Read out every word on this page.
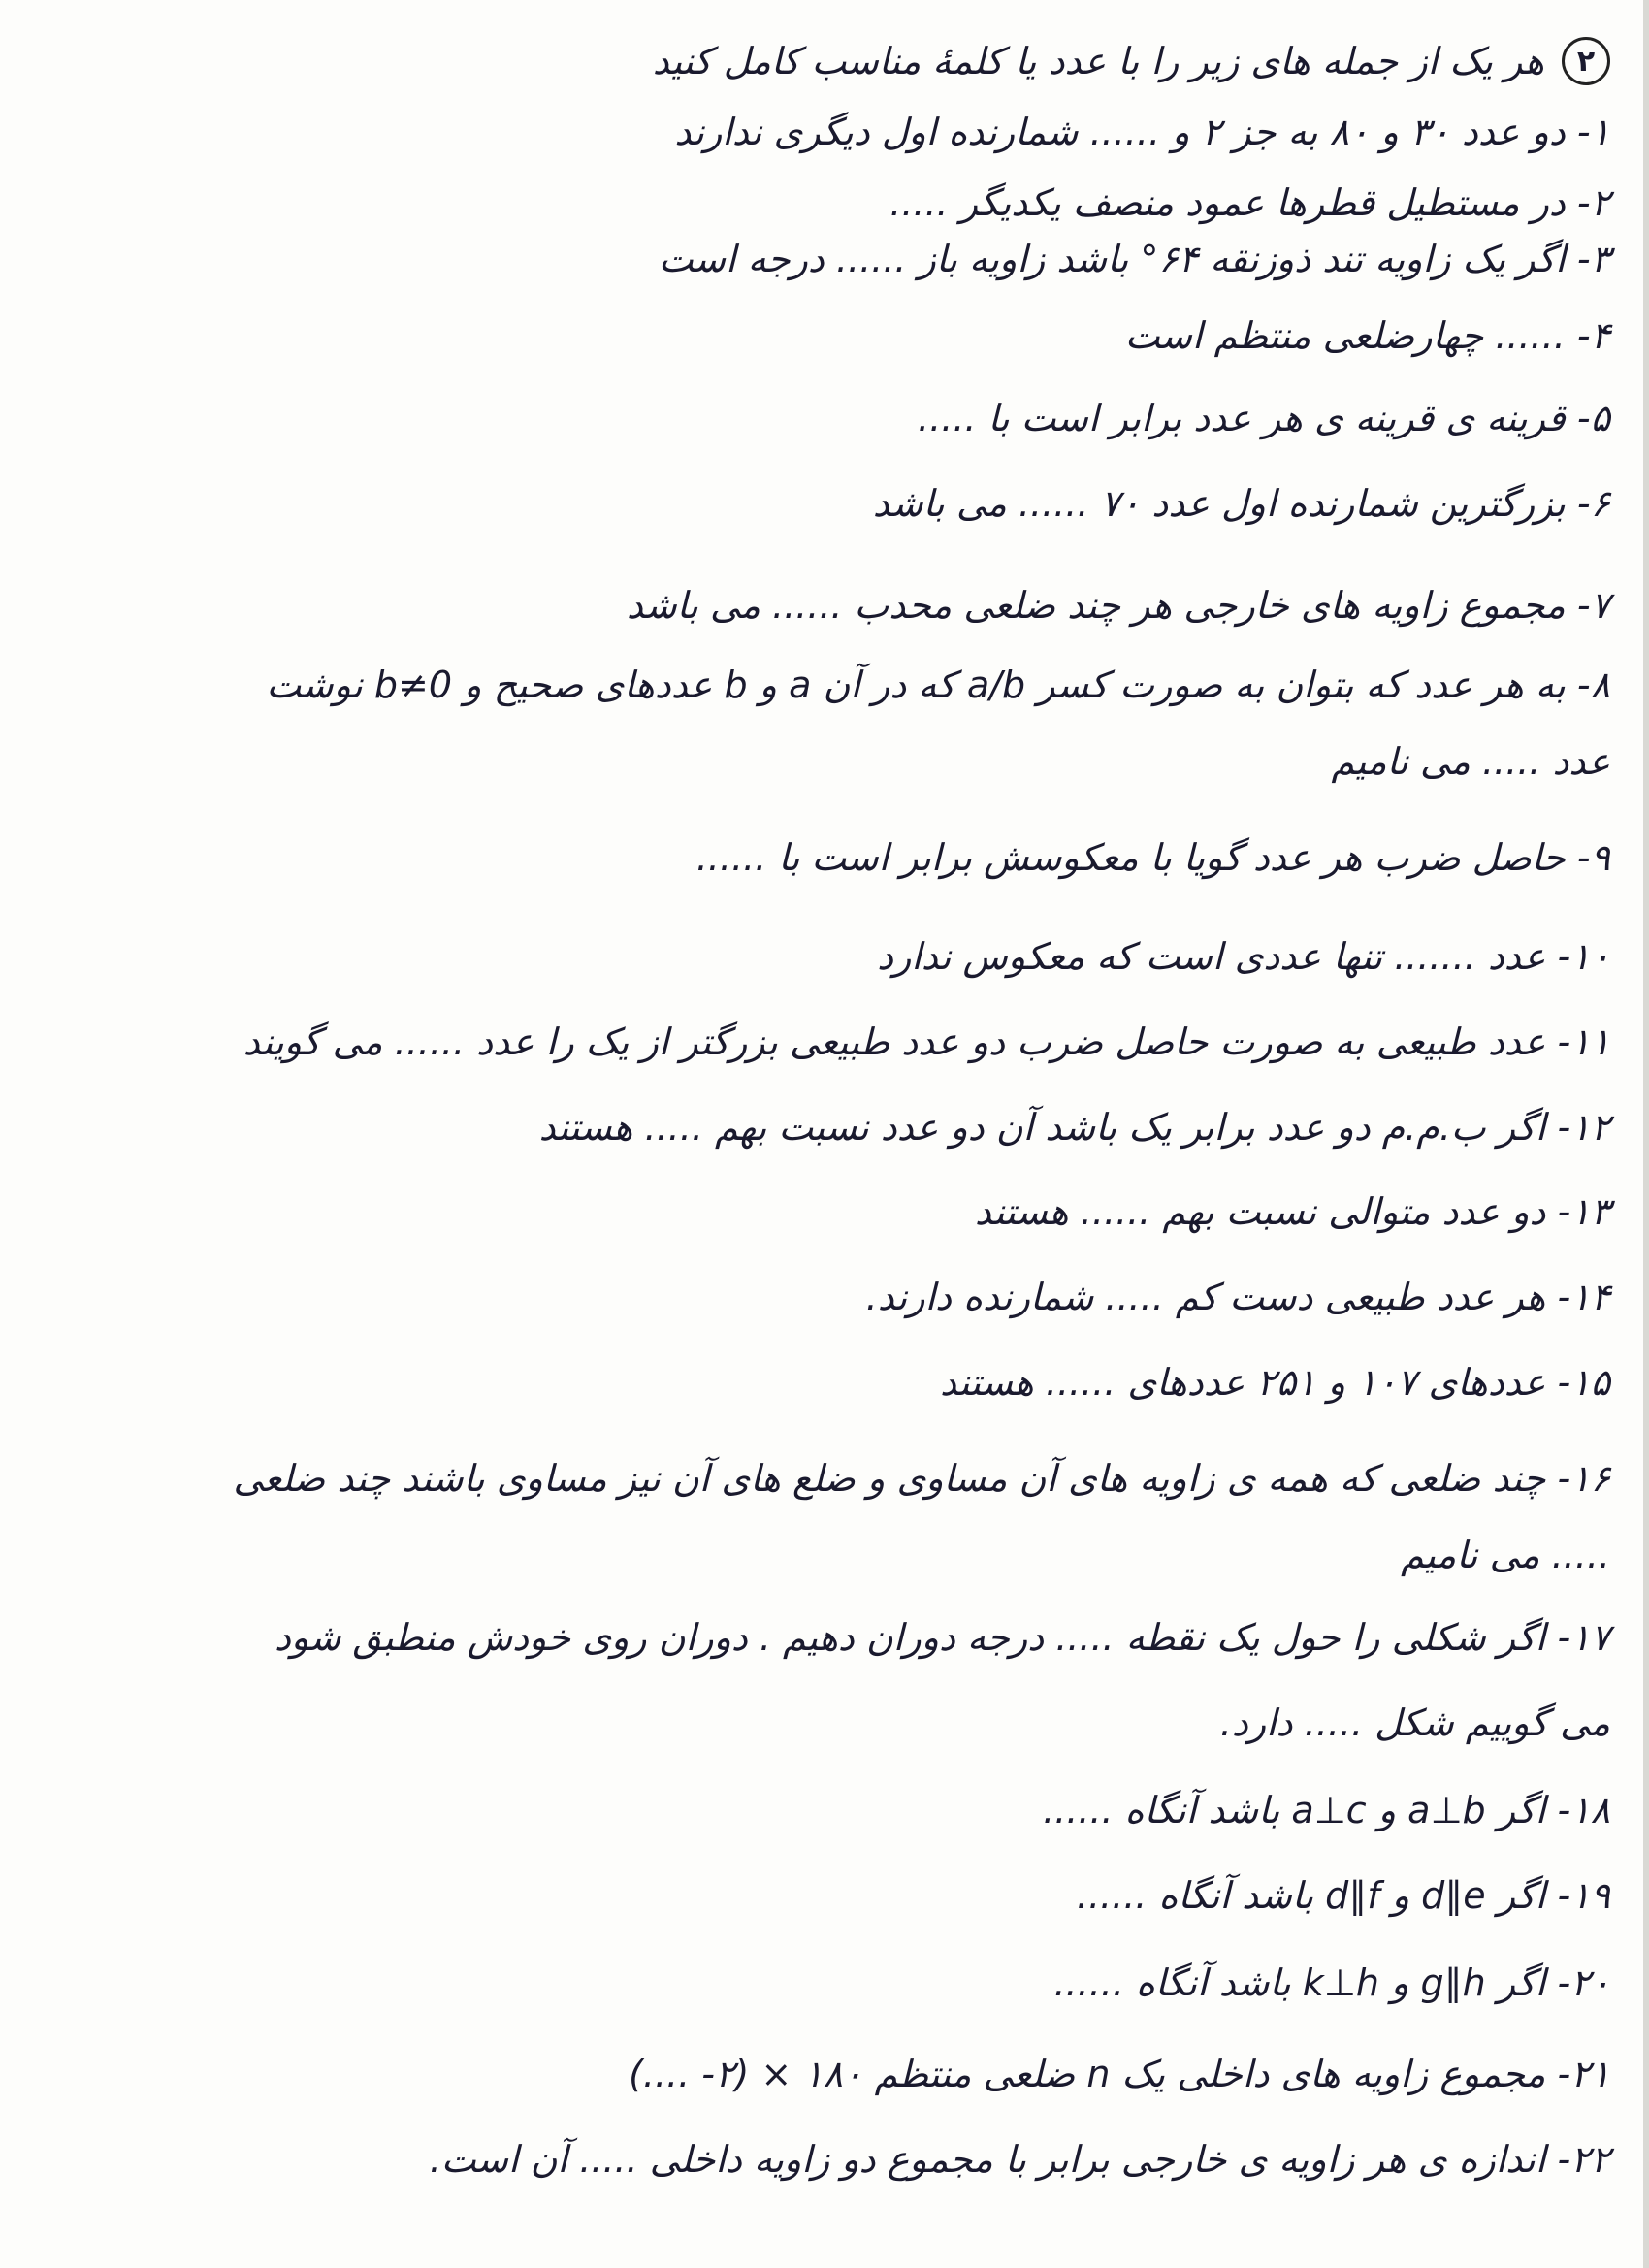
۲
هر یک از جمله های زیر را با عدد یا کلمهٔ مناسب کامل کنید
۱- دو عدد ۳۰ و ۸۰ به جز ۲ و ...... شمارنده اول دیگری ندارند
۲- در مستطیل قطرها عمود منصف یکدیگر .....
۳- اگر یک زاویه تند ذوزنقه ۶۴° باشد زاویه باز ...... درجه است
۴- ...... چهارضلعی منتظم است
۵- قرینه ی قرینه ی هر عدد برابر است با .....
۶- بزرگترین شمارنده اول عدد ۷۰ ...... می باشد
۷- مجموع زاویه های خارجی هر چند ضلعی محدب ...... می باشد
۸- به هر عدد که بتوان به صورت کسر a/b که در آن a و b عددهای صحیح و b≠0 نوشت
عدد ..... می نامیم
۹- حاصل ضرب هر عدد گویا با معکوسش برابر است با ......
۱۰- عدد ....... تنها عددی است که معکوس ندارد
۱۱- عدد طبیعی به صورت حاصل ضرب دو عدد طبیعی بزرگتر از یک را عدد ...... می گویند
۱۲- اگر ب.م.م دو عدد برابر یک باشد آن دو عدد نسبت بهم ..... هستند
۱۳- دو عدد متوالی نسبت بهم ...... هستند
۱۴- هر عدد طبیعی دست کم ..... شمارنده دارند.
۱۵- عددهای ۱۰۷ و ۲۵۱ عددهای ...... هستند
۱۶- چند ضلعی که همه ی زاویه های آن مساوی و ضلع های آن نیز مساوی باشند چند ضلعی
..... می نامیم
۱۷- اگر شکلی را حول یک نقطه ..... درجه دوران دهیم . دوران روی خودش منطبق شود
می گوییم شکل ..... دارد.
۱۸- اگر a⊥b و a⊥c باشد آنگاه ......
۱۹- اگر d∥e و d∥f باشد آنگاه ......
۲۰- اگر g∥h و k⊥h باشد آنگاه ......
۲۱- مجموع زاویه های داخلی یک n ضلعی منتظم ۱۸۰ × (۲- ....)
۲۲- اندازه ی هر زاویه ی خارجی برابر با مجموع دو زاویه داخلی ..... آن است.
